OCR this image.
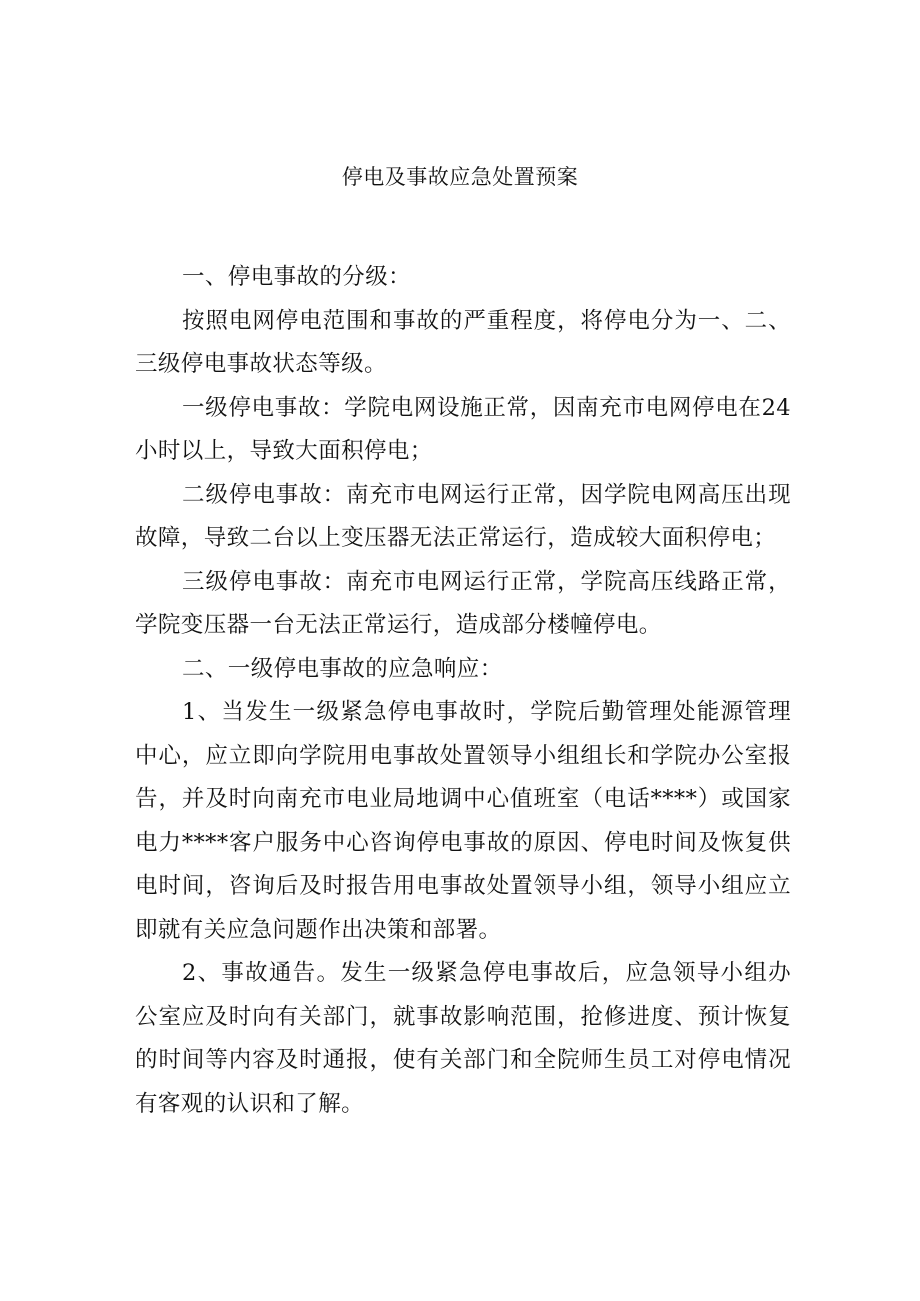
停电及事故应急处置预案

一、停电事故的分级：

按照电网停电范围和事故的严重程度，将停电分为一、二、三级停电事故状态等级。

一级停电事故：学院电网设施正常，因南充市电网停电在24小时以上，导致大面积停电；

二级停电事故：南充市电网运行正常，因学院电网高压出现故障，导致二台以上变压器无法正常运行，造成较大面积停电；

三级停电事故：南充市电网运行正常，学院高压线路正常，学院变压器一台无法正常运行，造成部分楼幢停电。

二、一级停电事故的应急响应：

1、当发生一级紧急停电事故时，学院后勤管理处能源管理中心，应立即向学院用电事故处置领导小组组长和学院办公室报告，并及时向南充市电业局地调中心值班室（电话****）或国家电力****客户服务中心咨询停电事故的原因、停电时间及恢复供电时间，咨询后及时报告用电事故处置领导小组，领导小组应立即就有关应急问题作出决策和部署。

2、事故通告。发生一级紧急停电事故后，应急领导小组办公室应及时向有关部门，就事故影响范围，抢修进度、预计恢复的时间等内容及时通报，使有关部门和全院师生员工对停电情况有客观的认识和了解。
